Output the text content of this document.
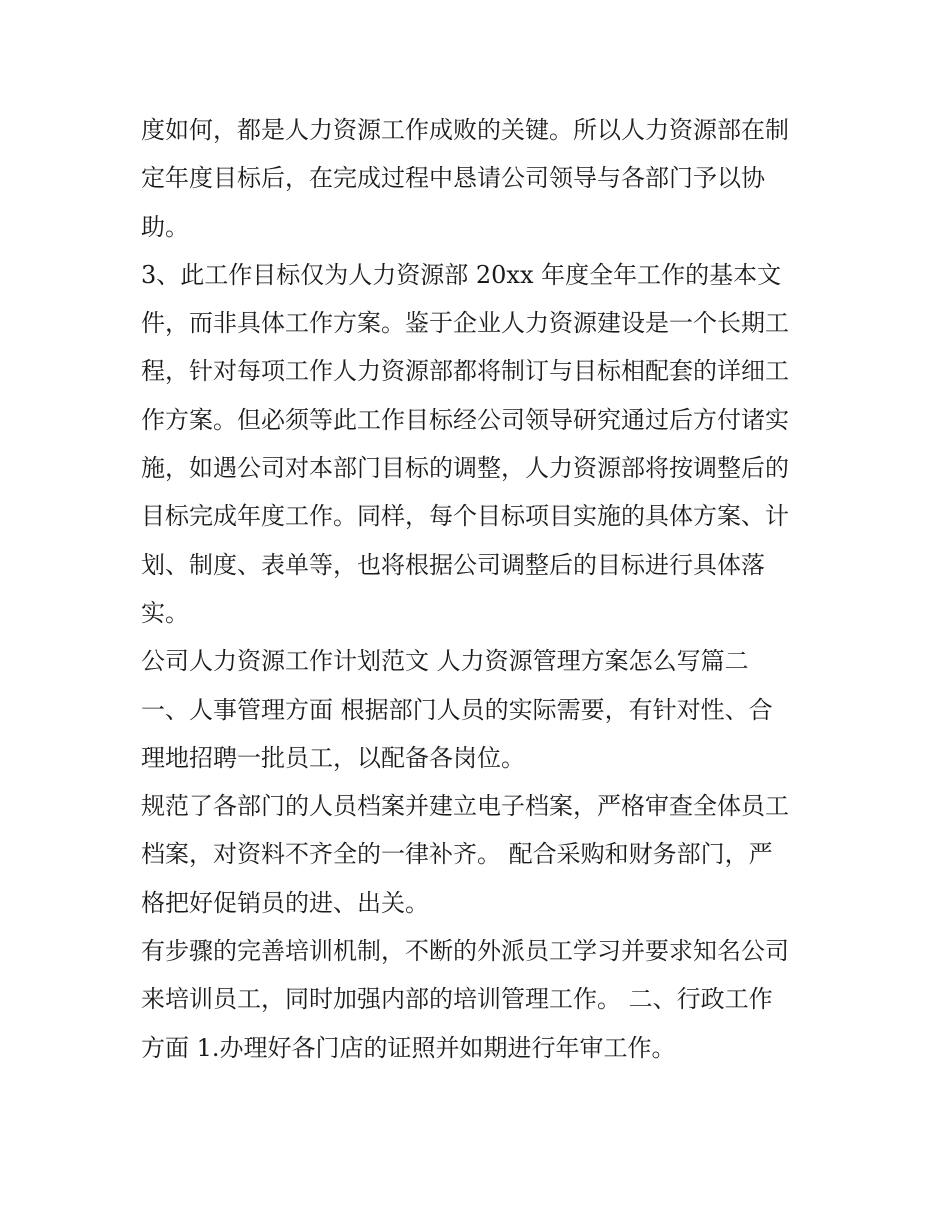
度如何，都是人力资源工作成败的关键。所以人力资源部在制
定年度目标后，在完成过程中恳请公司领导与各部门予以协
助。
3、此工作目标仅为人力资源部 20xx 年度全年工作的基本文
件，而非具体工作方案。鉴于企业人力资源建设是一个长期工
程，针对每项工作人力资源部都将制订与目标相配套的详细工
作方案。但必须等此工作目标经公司领导研究通过后方付诸实
施，如遇公司对本部门目标的调整，人力资源部将按调整后的
目标完成年度工作。同样，每个目标项目实施的具体方案、计
划、制度、表单等，也将根据公司调整后的目标进行具体落
实。
公司人力资源工作计划范文 人力资源管理方案怎么写篇二
一、人事管理方面 根据部门人员的实际需要，有针对性、合
理地招聘一批员工，以配备各岗位。
规范了各部门的人员档案并建立电子档案，严格审查全体员工
档案，对资料不齐全的一律补齐。 配合采购和财务部门，严
格把好促销员的进、出关。
有步骤的完善培训机制，不断的外派员工学习并要求知名公司
来培训员工，同时加强内部的培训管理工作。 二、行政工作
方面 1.办理好各门店的证照并如期进行年审工作。
